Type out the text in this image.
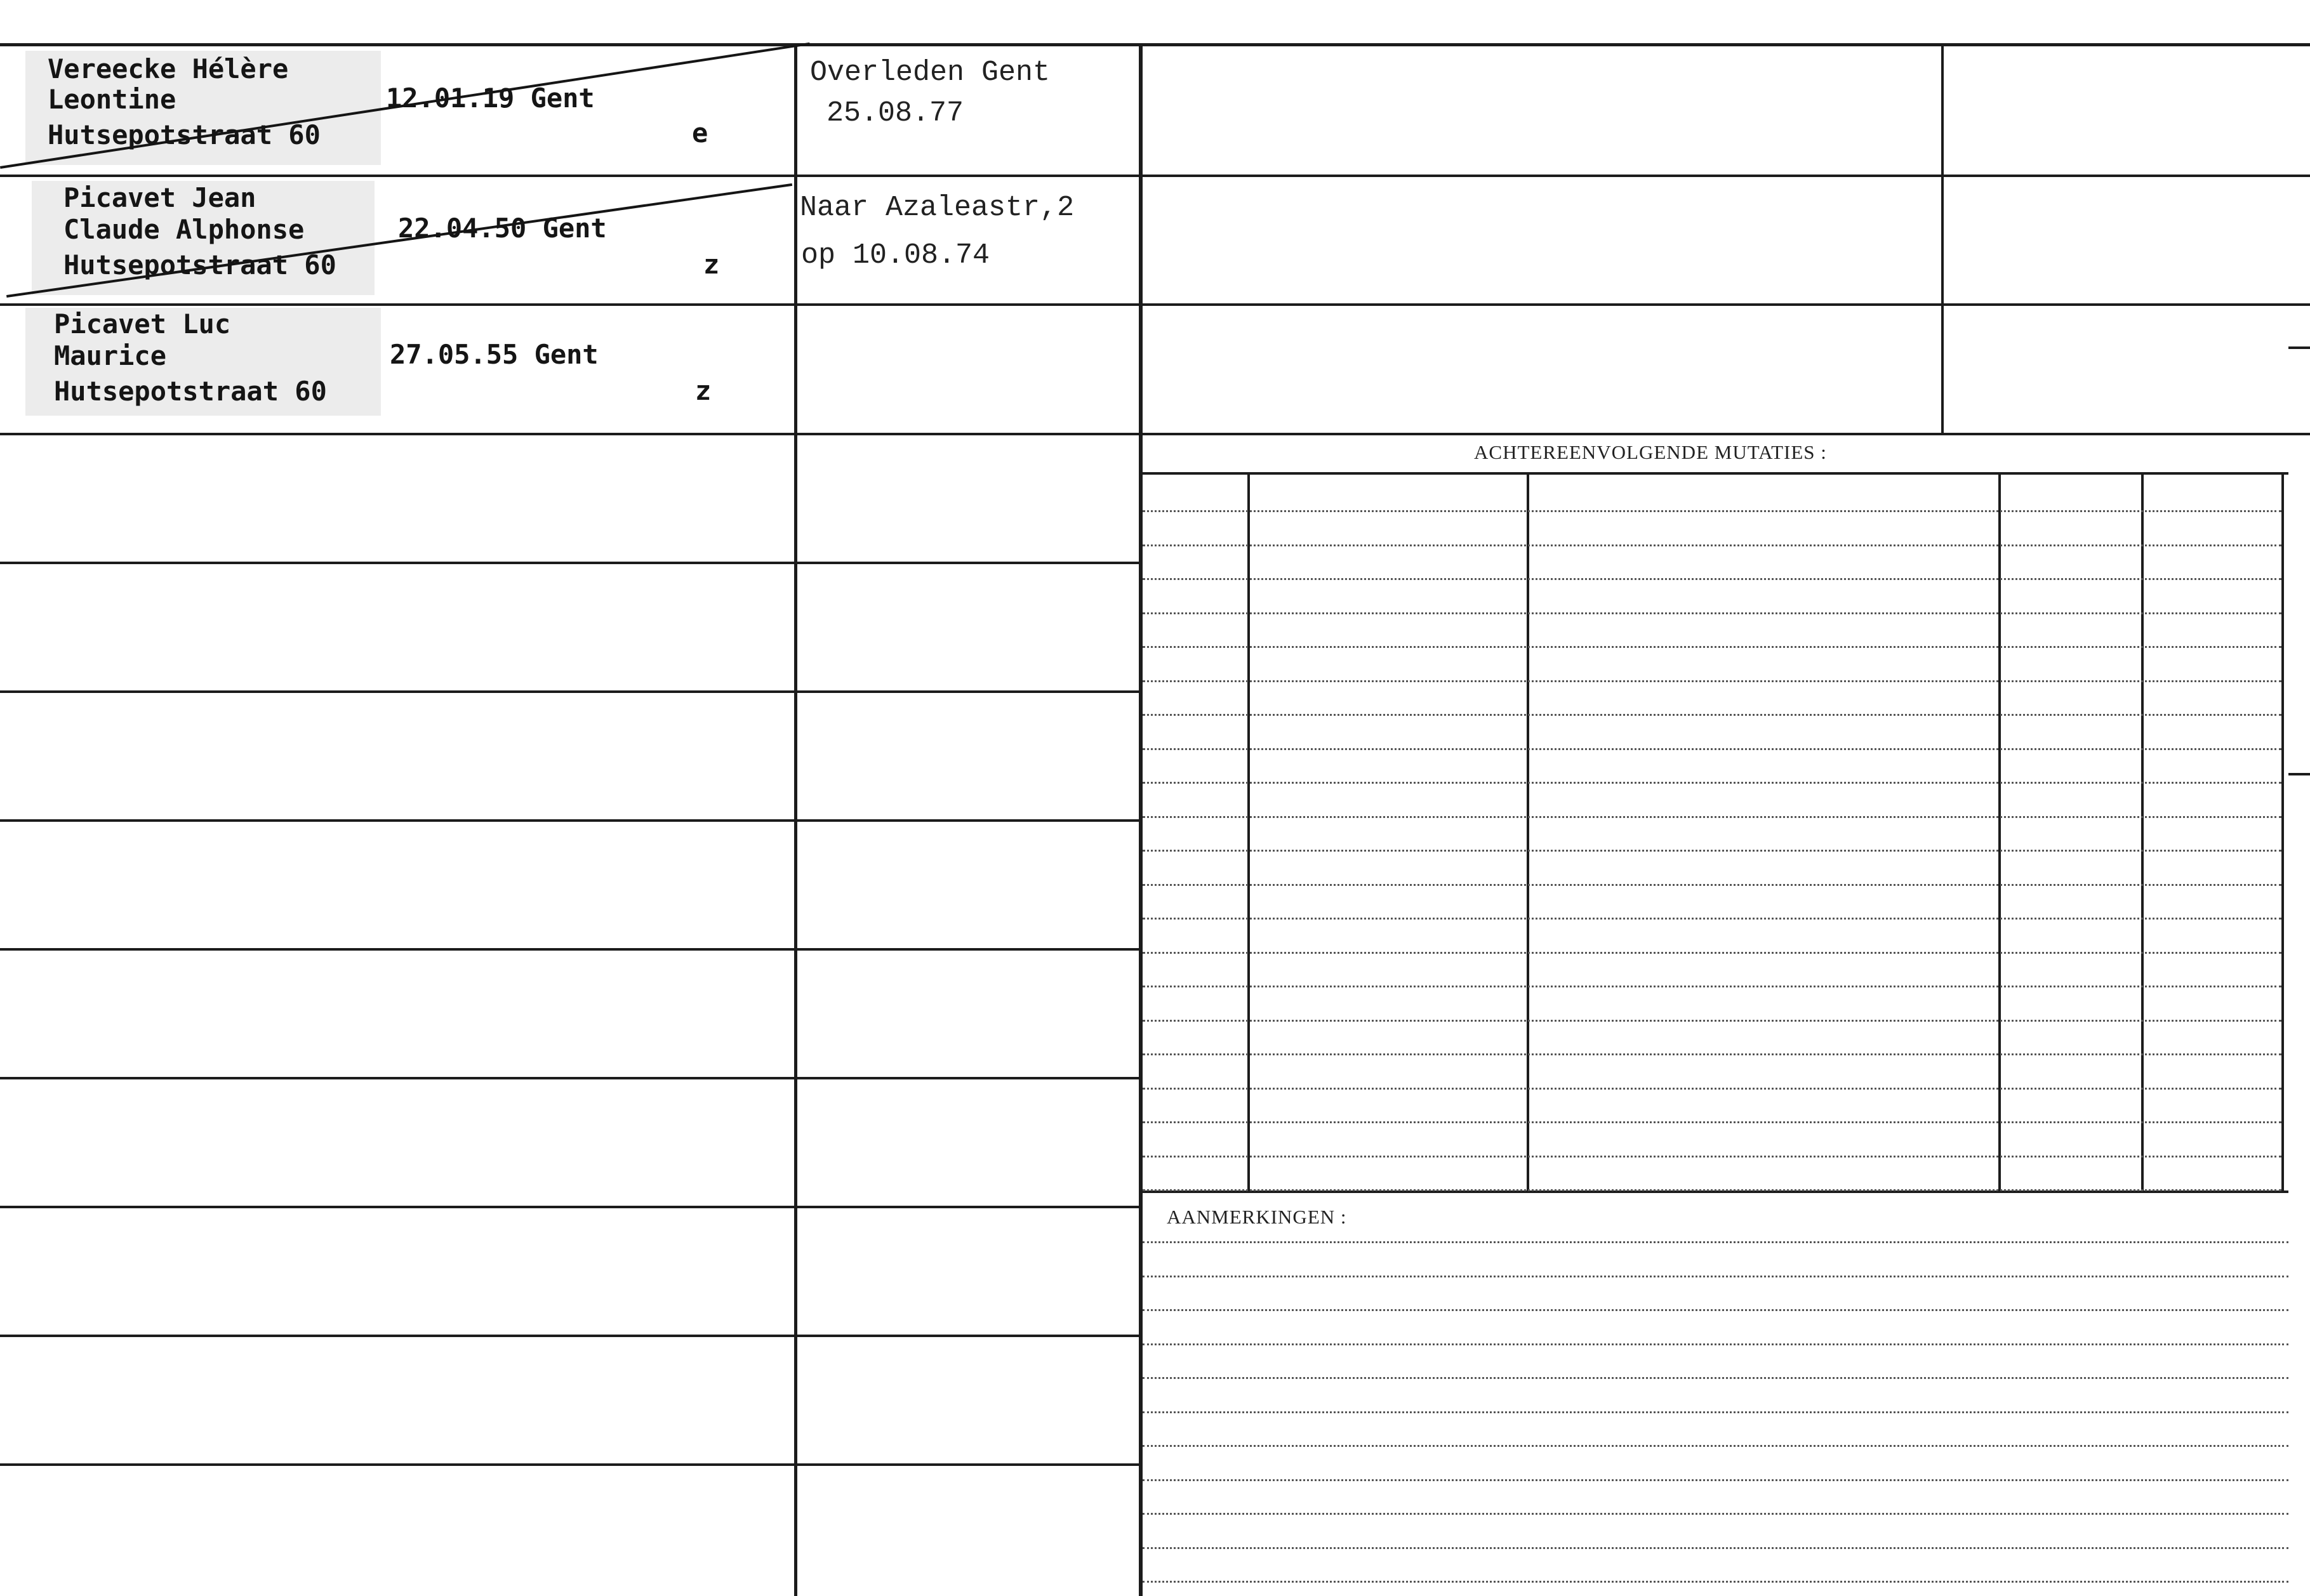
Vereecke Hélère
Leontine
Hutsepotstraat 60
12.01.19 Gent
e
Picavet Jean
Claude Alphonse
Hutsepotstraat 60
22.04.50 Gent
z
Picavet Luc
Maurice
Hutsepotstraat 60
27.05.55 Gent
z
Overleden Gent
25.08.77
Naar Azaleastr,2
op 10.08.74
ACHTEREENVOLGENDE MUTATIES :
AANMERKINGEN :
